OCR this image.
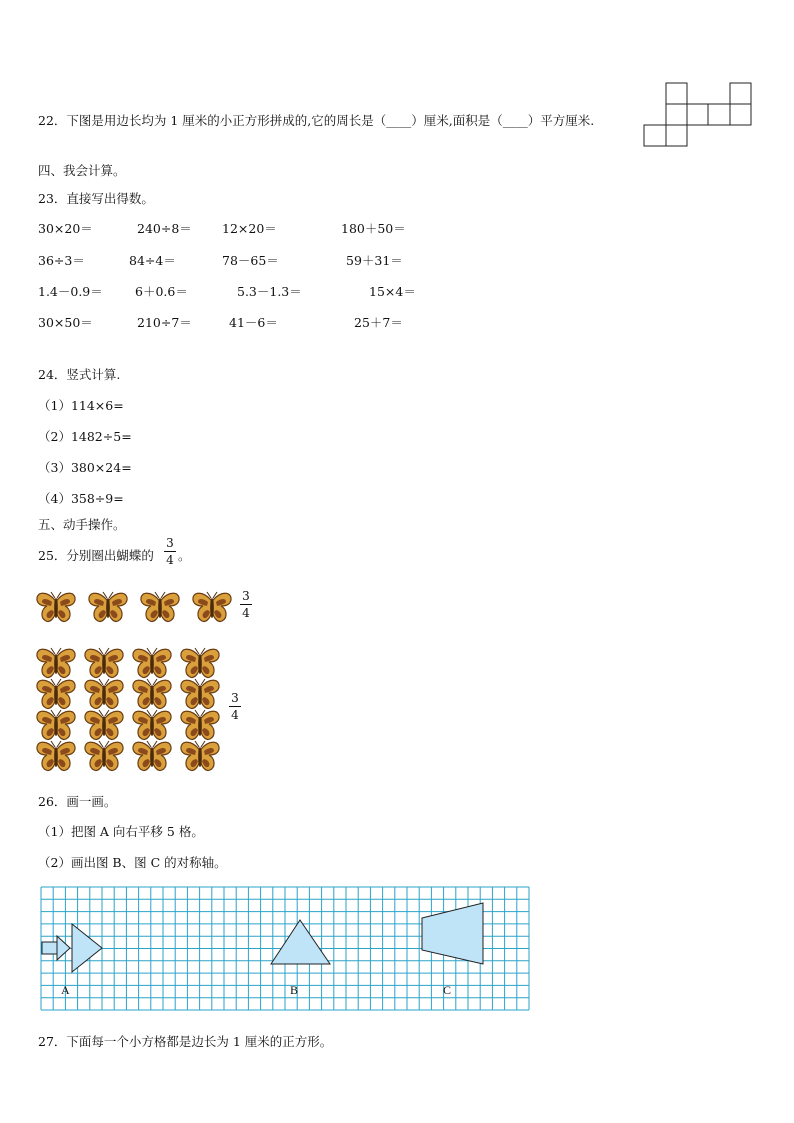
22．下图是用边长均为 1 厘米的小正方形拼成的,它的周长是（____）厘米,面积是（____）平方厘米.
四、我会计算。
23．直接写出得数。
30×20＝	240÷8＝ 12×20＝	180＋50＝
36÷3＝	84÷4＝	78－65＝	59＋31＝
1.4－0.9＝	6＋0.6＝	5.3－1.3＝	15×4＝
30×50＝	210÷7＝	41－6＝	25＋7＝
24．竖式计算.
（1）114×6=
（2）1482÷5=
（3）380×24=
（4）358÷9=
五、动手操作。
25．分别圈出蝴蝶的
3
4 。
3
4
3
4
26．画一画。
（1）把图 A 向右平移 5 格。
（2）画出图 B、图 C 的对称轴。
A	B	C
27．下面每一个小方格都是边长为 1 厘米的正方形。
